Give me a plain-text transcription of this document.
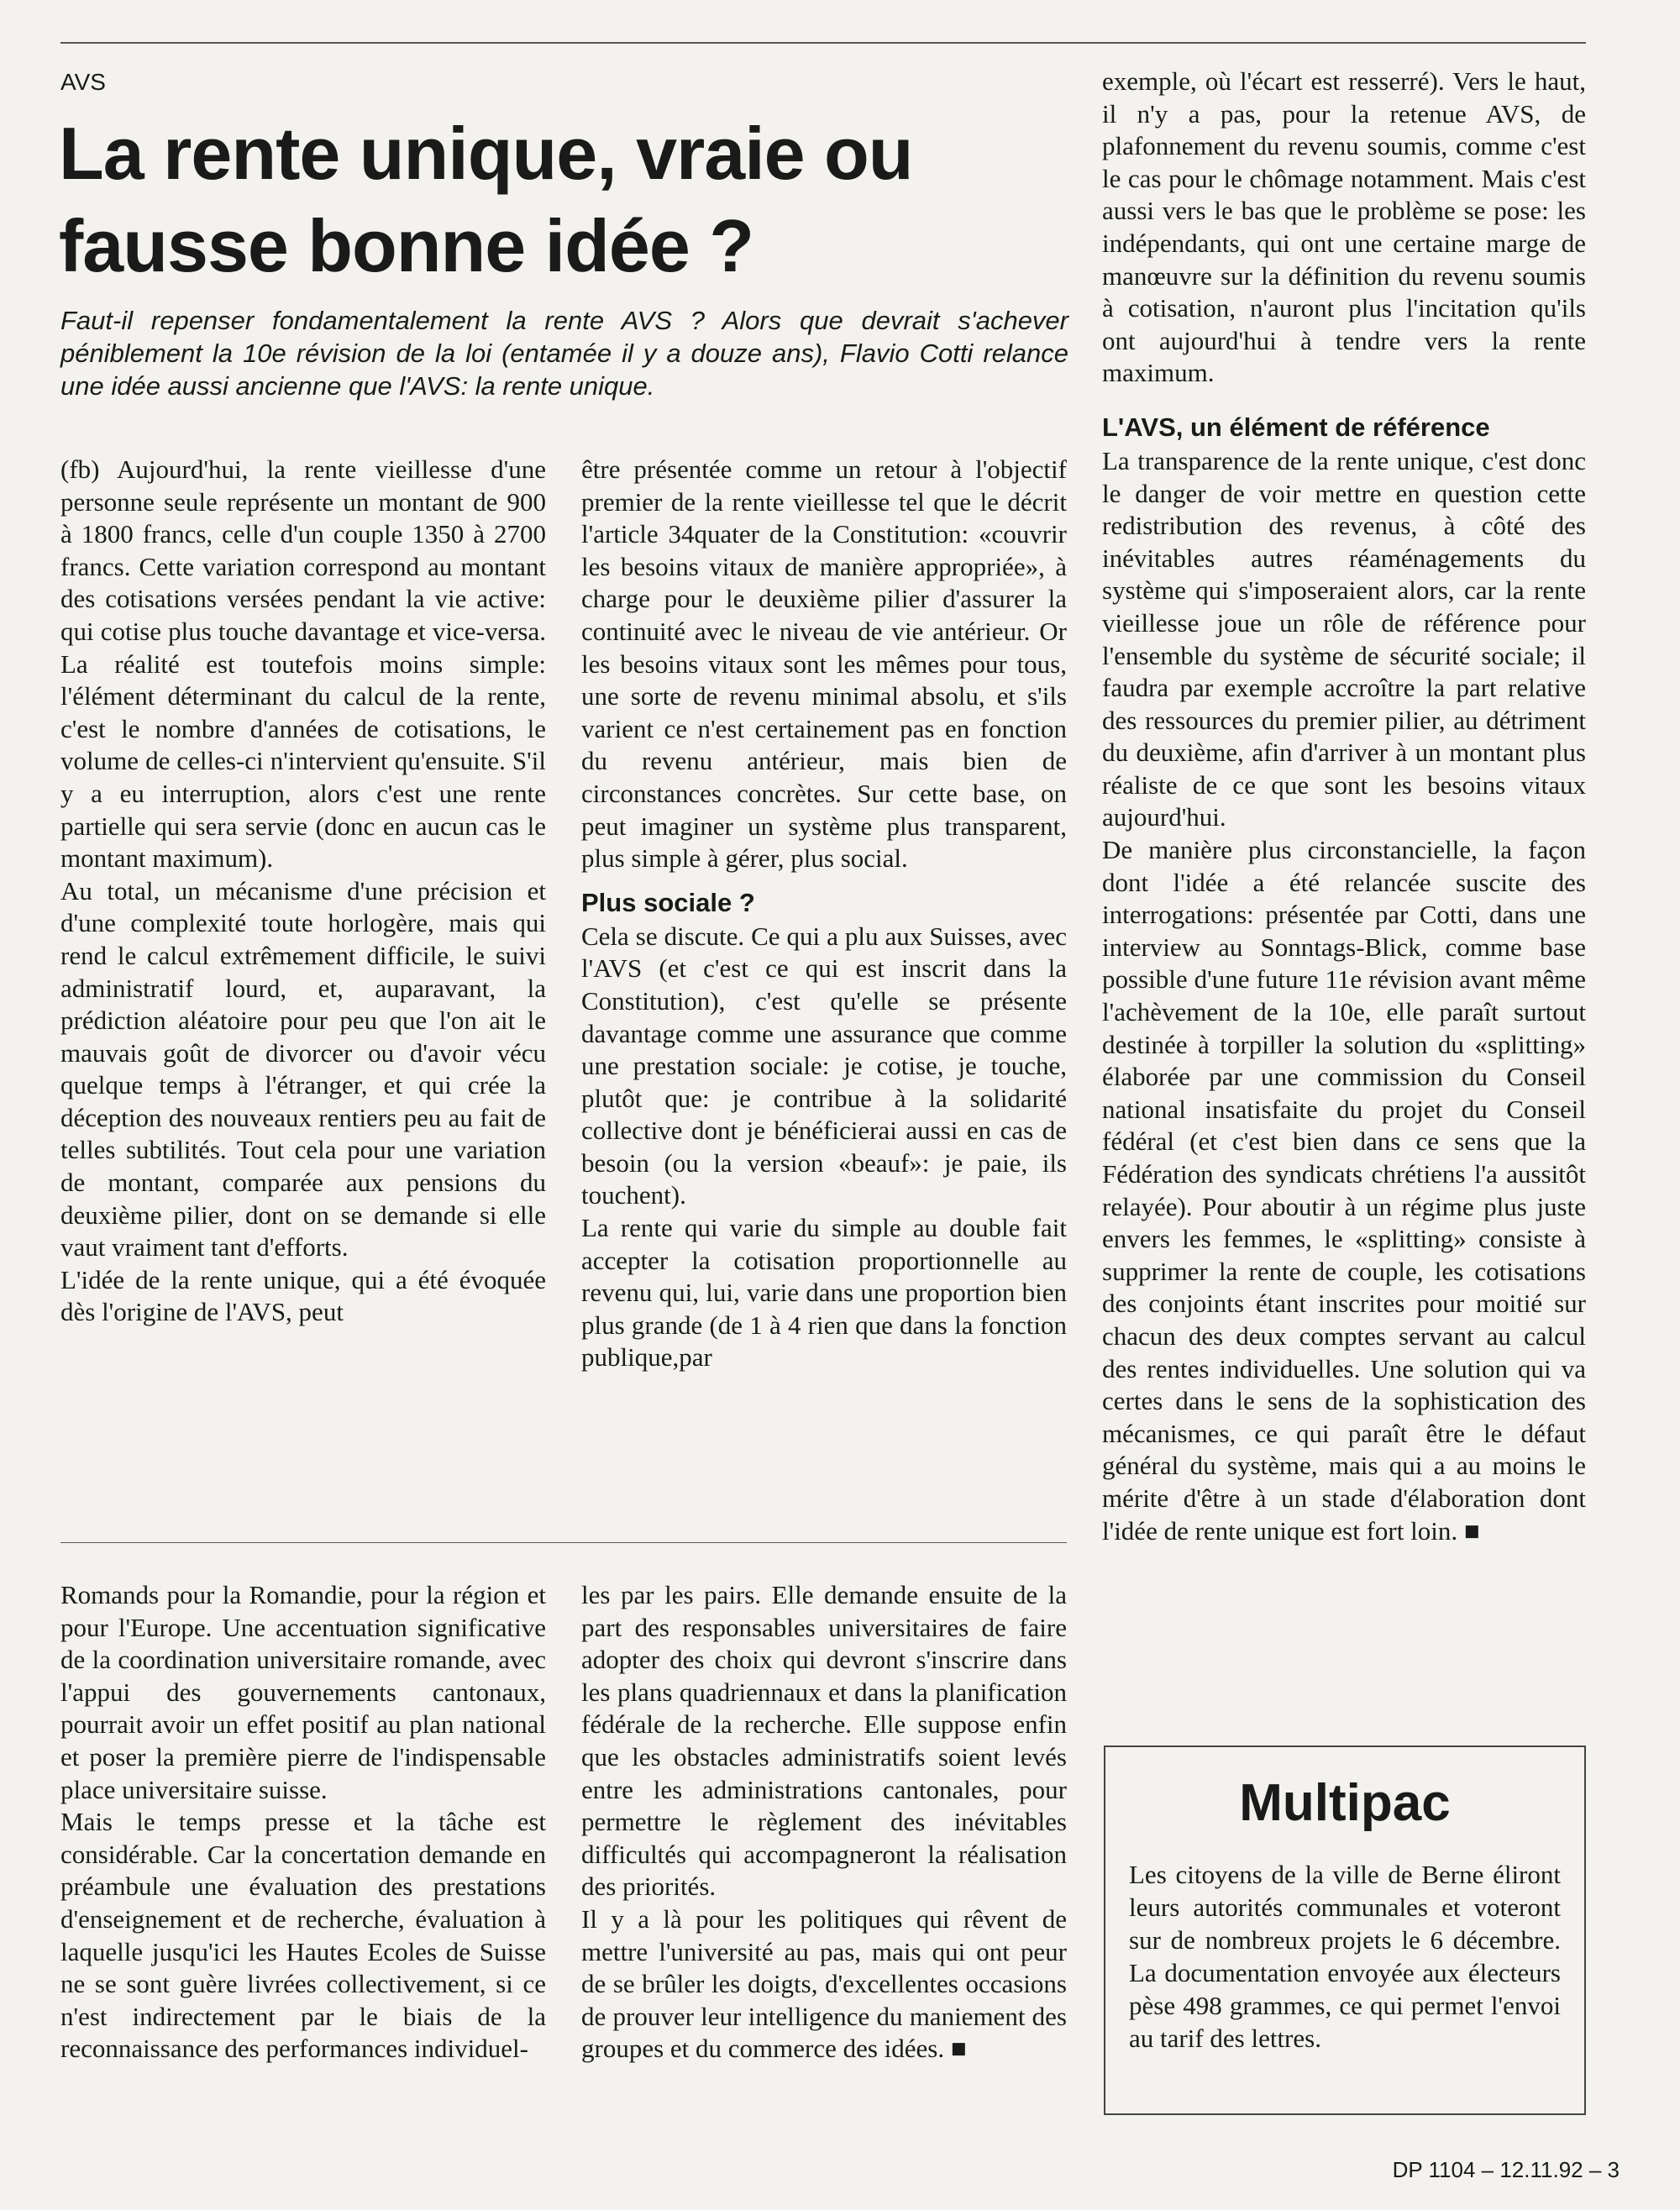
AVS
La rente unique, vraie ou fausse bonne idée ?

Faut-il repenser fondamentalement la rente AVS ? Alors que devrait s'achever péniblement la 10e révision de la loi (entamée il y a douze ans), Flavio Cotti relance une idée aussi ancienne que l'AVS: la rente unique.

(fb) Aujourd'hui, la rente vieillesse d'une personne seule représente un montant de 900 à 1800 francs, celle d'un couple 1350 à 2700 francs. Cette variation correspond au montant des cotisations versées pendant la vie active: qui cotise plus touche davantage et vice-versa. La réalité est toutefois moins simple: l'élément déterminant du calcul de la rente, c'est le nombre d'années de cotisations, le volume de celles-ci n'intervient qu'ensuite. S'il y a eu interruption, alors c'est une rente partielle qui sera servie (donc en aucun cas le montant maximum).

Au total, un mécanisme d'une précision et d'une complexité toute horlogère, mais qui rend le calcul extrêmement difficile, le suivi administratif lourd, et, auparavant, la prédiction aléatoire pour peu que l'on ait le mauvais goût de divorcer ou d'avoir vécu quelque temps à l'étranger, et qui crée la déception des nouveaux rentiers peu au fait de telles subtilités. Tout cela pour une variation de montant, comparée aux pensions du deuxième pilier, dont on se demande si elle vaut vraiment tant d'efforts.

L'idée de la rente unique, qui a été évoquée dès l'origine de l'AVS, peut

être présentée comme un retour à l'objectif premier de la rente vieillesse tel que le décrit l'article 34quater de la Constitution: «couvrir les besoins vitaux de manière appropriée», à charge pour le deuxième pilier d'assurer la continuité avec le niveau de vie antérieur. Or les besoins vitaux sont les mêmes pour tous, une sorte de revenu minimal absolu, et s'ils varient ce n'est certainement pas en fonction du revenu antérieur, mais bien de circonstances concrètes. Sur cette base, on peut imaginer un système plus transparent, plus simple à gérer, plus social.

Plus sociale ?

Cela se discute. Ce qui a plu aux Suisses, avec l'AVS (et c'est ce qui est inscrit dans la Constitution), c'est qu'elle se présente davantage comme une assurance que comme une prestation sociale: je cotise, je touche, plutôt que: je contribue à la solidarité collective dont je bénéficierai aussi en cas de besoin (ou la version «beauf»: je paie, ils touchent).

La rente qui varie du simple au double fait accepter la cotisation proportionnelle au revenu qui, lui, varie dans une proportion bien plus grande (de 1 à 4 rien que dans la fonction publique,par

exemple, où l'écart est resserré). Vers le haut, il n'y a pas, pour la retenue AVS, de plafonnement du revenu soumis, comme c'est le cas pour le chômage notamment. Mais c'est aussi vers le bas que le problème se pose: les indépendants, qui ont une certaine marge de manœuvre sur la définition du revenu soumis à cotisation, n'auront plus l'incitation qu'ils ont aujourd'hui à tendre vers la rente maximum.

L'AVS, un élément de référence

La transparence de la rente unique, c'est donc le danger de voir mettre en question cette redistribution des revenus, à côté des inévitables autres réaménagements du système qui s'imposeraient alors, car la rente vieillesse joue un rôle de référence pour l'ensemble du système de sécurité sociale; il faudra par exemple accroître la part relative des ressources du premier pilier, au détriment du deuxième, afin d'arriver à un montant plus réaliste de ce que sont les besoins vitaux aujourd'hui.

De manière plus circonstancielle, la façon dont l'idée a été relancée suscite des interrogations: présentée par Cotti, dans une interview au Sonntags-Blick, comme base possible d'une future 11e révision avant même l'achèvement de la 10e, elle paraît surtout destinée à torpiller la solution du «splitting» élaborée par une commission du Conseil national insatisfaite du projet du Conseil fédéral (et c'est bien dans ce sens que la Fédération des syndicats chrétiens l'a aussitôt relayée). Pour aboutir à un régime plus juste envers les femmes, le «splitting» consiste à supprimer la rente de couple, les cotisations des conjoints étant inscrites pour moitié sur chacun des deux comptes servant au calcul des rentes individuelles. Une solution qui va certes dans le sens de la sophistication des mécanismes, ce qui paraît être le défaut général du système, mais qui a au moins le mérite d'être à un stade d'élaboration dont l'idée de rente unique est fort loin. ■

Romands pour la Romandie, pour la région et pour l'Europe. Une accentuation significative de la coordination universitaire romande, avec l'appui des gouvernements cantonaux, pourrait avoir un effet positif au plan national et poser la première pierre de l'indispensable place universitaire suisse.

Mais le temps presse et la tâche est considérable. Car la concertation demande en préambule une évaluation des prestations d'enseignement et de recherche, évaluation à laquelle jusqu'ici les Hautes Ecoles de Suisse ne se sont guère livrées collectivement, si ce n'est indirectement par le biais de la reconnaissance des performances individuel-

les par les pairs. Elle demande ensuite de la part des responsables universitaires de faire adopter des choix qui devront s'inscrire dans les plans quadriennaux et dans la planification fédérale de la recherche. Elle suppose enfin que les obstacles administratifs soient levés entre les administrations cantonales, pour permettre le règlement des inévitables difficultés qui accompagneront la réalisation des priorités.

Il y a là pour les politiques qui rêvent de mettre l'université au pas, mais qui ont peur de se brûler les doigts, d'excellentes occasions de prouver leur intelligence du maniement des groupes et du commerce des idées. ■

Multipac

Les citoyens de la ville de Berne éliront leurs autorités communales et voteront sur de nombreux projets le 6 décembre. La documentation envoyée aux électeurs pèse 498 grammes, ce qui permet l'envoi au tarif des lettres.

DP 1104 – 12.11.92 – 3
